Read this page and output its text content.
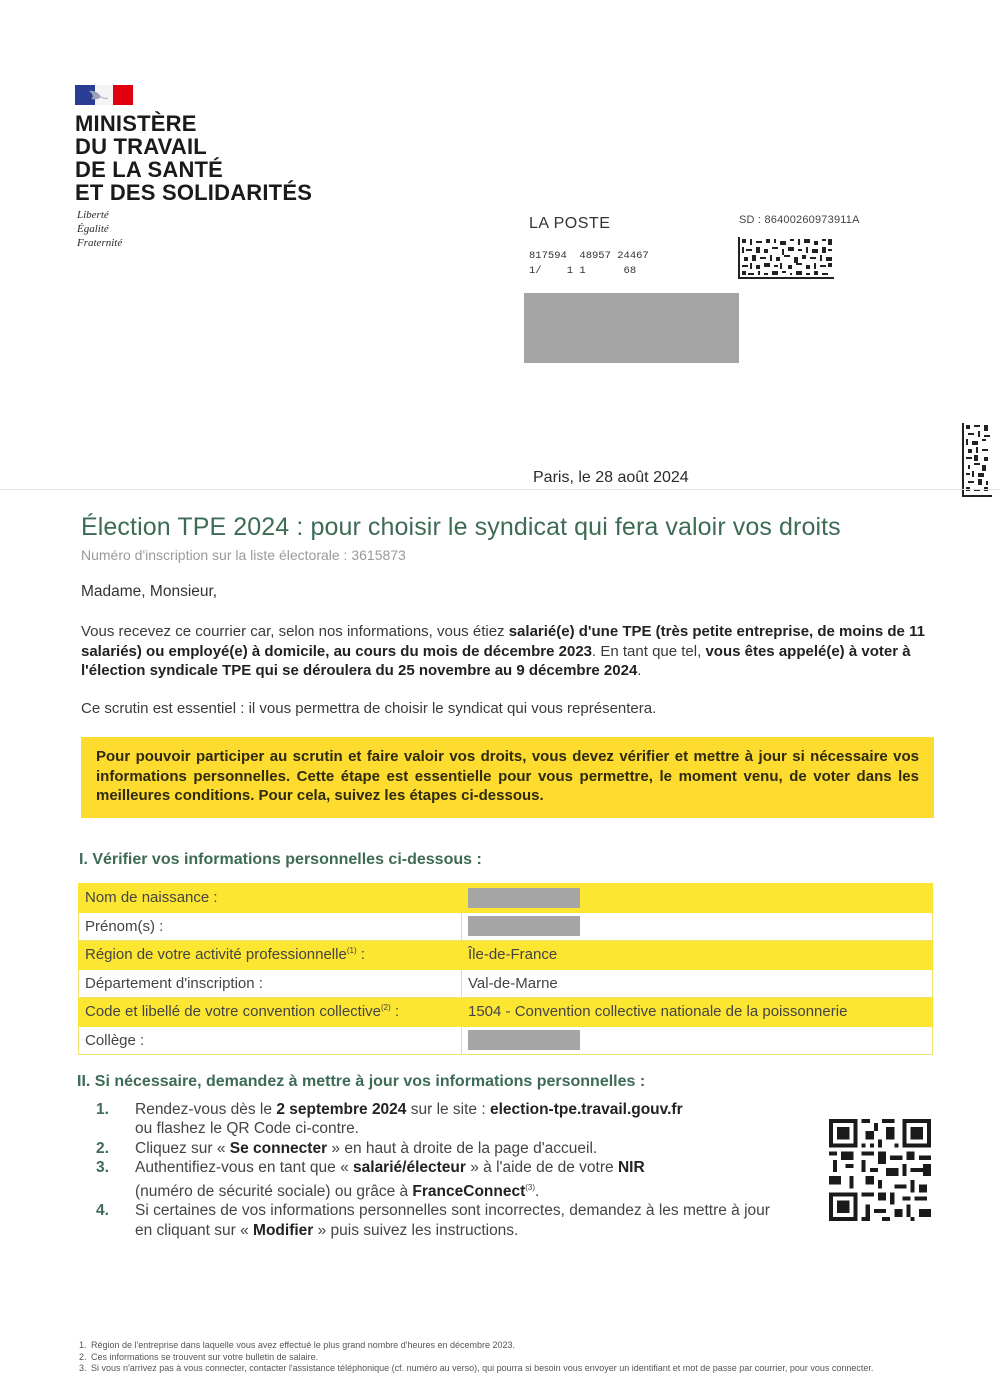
MINISTÈRE
DU TRAVAIL
DE LA SANTÉ
ET DES SOLIDARITÉS
Liberté
Égalité
Fraternité
LA POSTE
817594  48957 24467
1/    1 1      68
SD : 86400260973911A
Paris, le 28 août 2024
Élection TPE 2024 : pour choisir le syndicat qui fera valoir vos droits
Numéro d'inscription sur la liste électorale : 3615873
Madame, Monsieur,
Vous recevez ce courrier car, selon nos informations, vous étiez salarié(e) d'une TPE (très petite entreprise, de moins de 11 salariés) ou employé(e) à domicile, au cours du mois de décembre 2023. En tant que tel, vous êtes appelé(e) à voter à l'élection syndicale TPE qui se déroulera du 25 novembre au 9 décembre 2024.
Ce scrutin est essentiel : il vous permettra de choisir le syndicat qui vous représentera.
Pour pouvoir participer au scrutin et faire valoir vos droits, vous devez vérifier et mettre à jour si nécessaire vos informations personnelles. Cette étape est essentielle pour vous permettre, le moment venu, de voter dans les meilleures conditions. Pour cela, suivez les étapes ci-dessous.
I. Vérifier vos informations personnelles ci-dessous :
Nom de naissance :	
Prénom(s) :	
Région de votre activité professionnelle$^{(1)}$ :	Île-de-France
Département d'inscription :	Val-de-Marne
Code et libellé de votre convention collective$^{(2)}$ :	1504 - Convention collective nationale de la poissonnerie
Collège :	
II. Si nécessaire, demandez à mettre à jour vos informations personnelles :

1. Rendez-vous dès le 2 septembre 2024 sur le site : election-tpe.travail.gouv.fr
ou flashez le QR Code ci-contre.

2. Cliquez sur « Se connecter » en haut à droite de la page d'accueil.

3. Authentifiez-vous en tant que « salarié/électeur » à l'aide de de votre NIR
(numéro de sécurité sociale) ou grâce à FranceConnect$^{(3)}$.

4. Si certaines de vos informations personnelles sont incorrectes, demandez à les mettre à jour en cliquant sur « Modifier » puis suivez les instructions.

1. Région de l'entreprise dans laquelle vous avez effectué le plus grand nombre d'heures en décembre 2023.
2. Ces informations se trouvent sur votre bulletin de salaire.
3. Si vous n'arrivez pas à vous connecter, contacter l'assistance téléphonique (cf. numéro au verso), qui pourra si besoin vous envoyer un identifiant et mot de passe par courrier, pour vous connecter.
